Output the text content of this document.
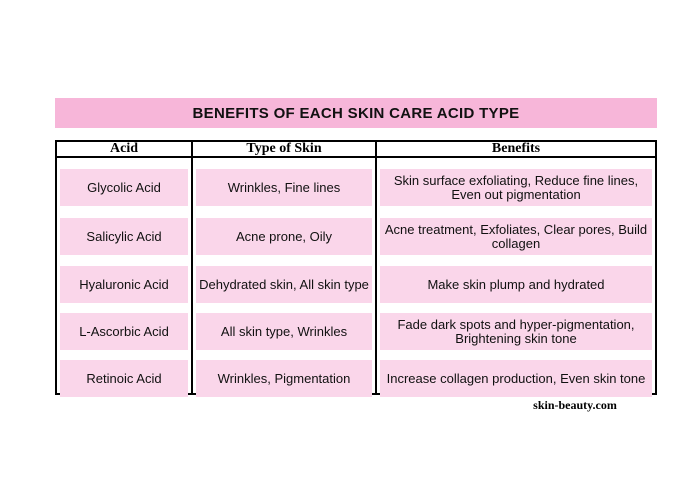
BENEFITS OF EACH SKIN CARE ACID TYPE
Acid	Type of Skin	Benefits
Glycolic Acid	Wrinkles, Fine lines	Skin surface exfoliating, Reduce fine lines, Even out pigmentation
Salicylic Acid	Acne prone, Oily	Acne treatment, Exfoliates, Clear pores, Build collagen
Hyaluronic Acid	Dehydrated skin, All skin type	Make skin plump and hydrated
L-Ascorbic Acid	All skin type, Wrinkles	Fade dark spots and hyper-pigmentation, Brightening skin tone
Retinoic Acid	Wrinkles, Pigmentation	Increase collagen production, Even skin tone
skin-beauty.com
